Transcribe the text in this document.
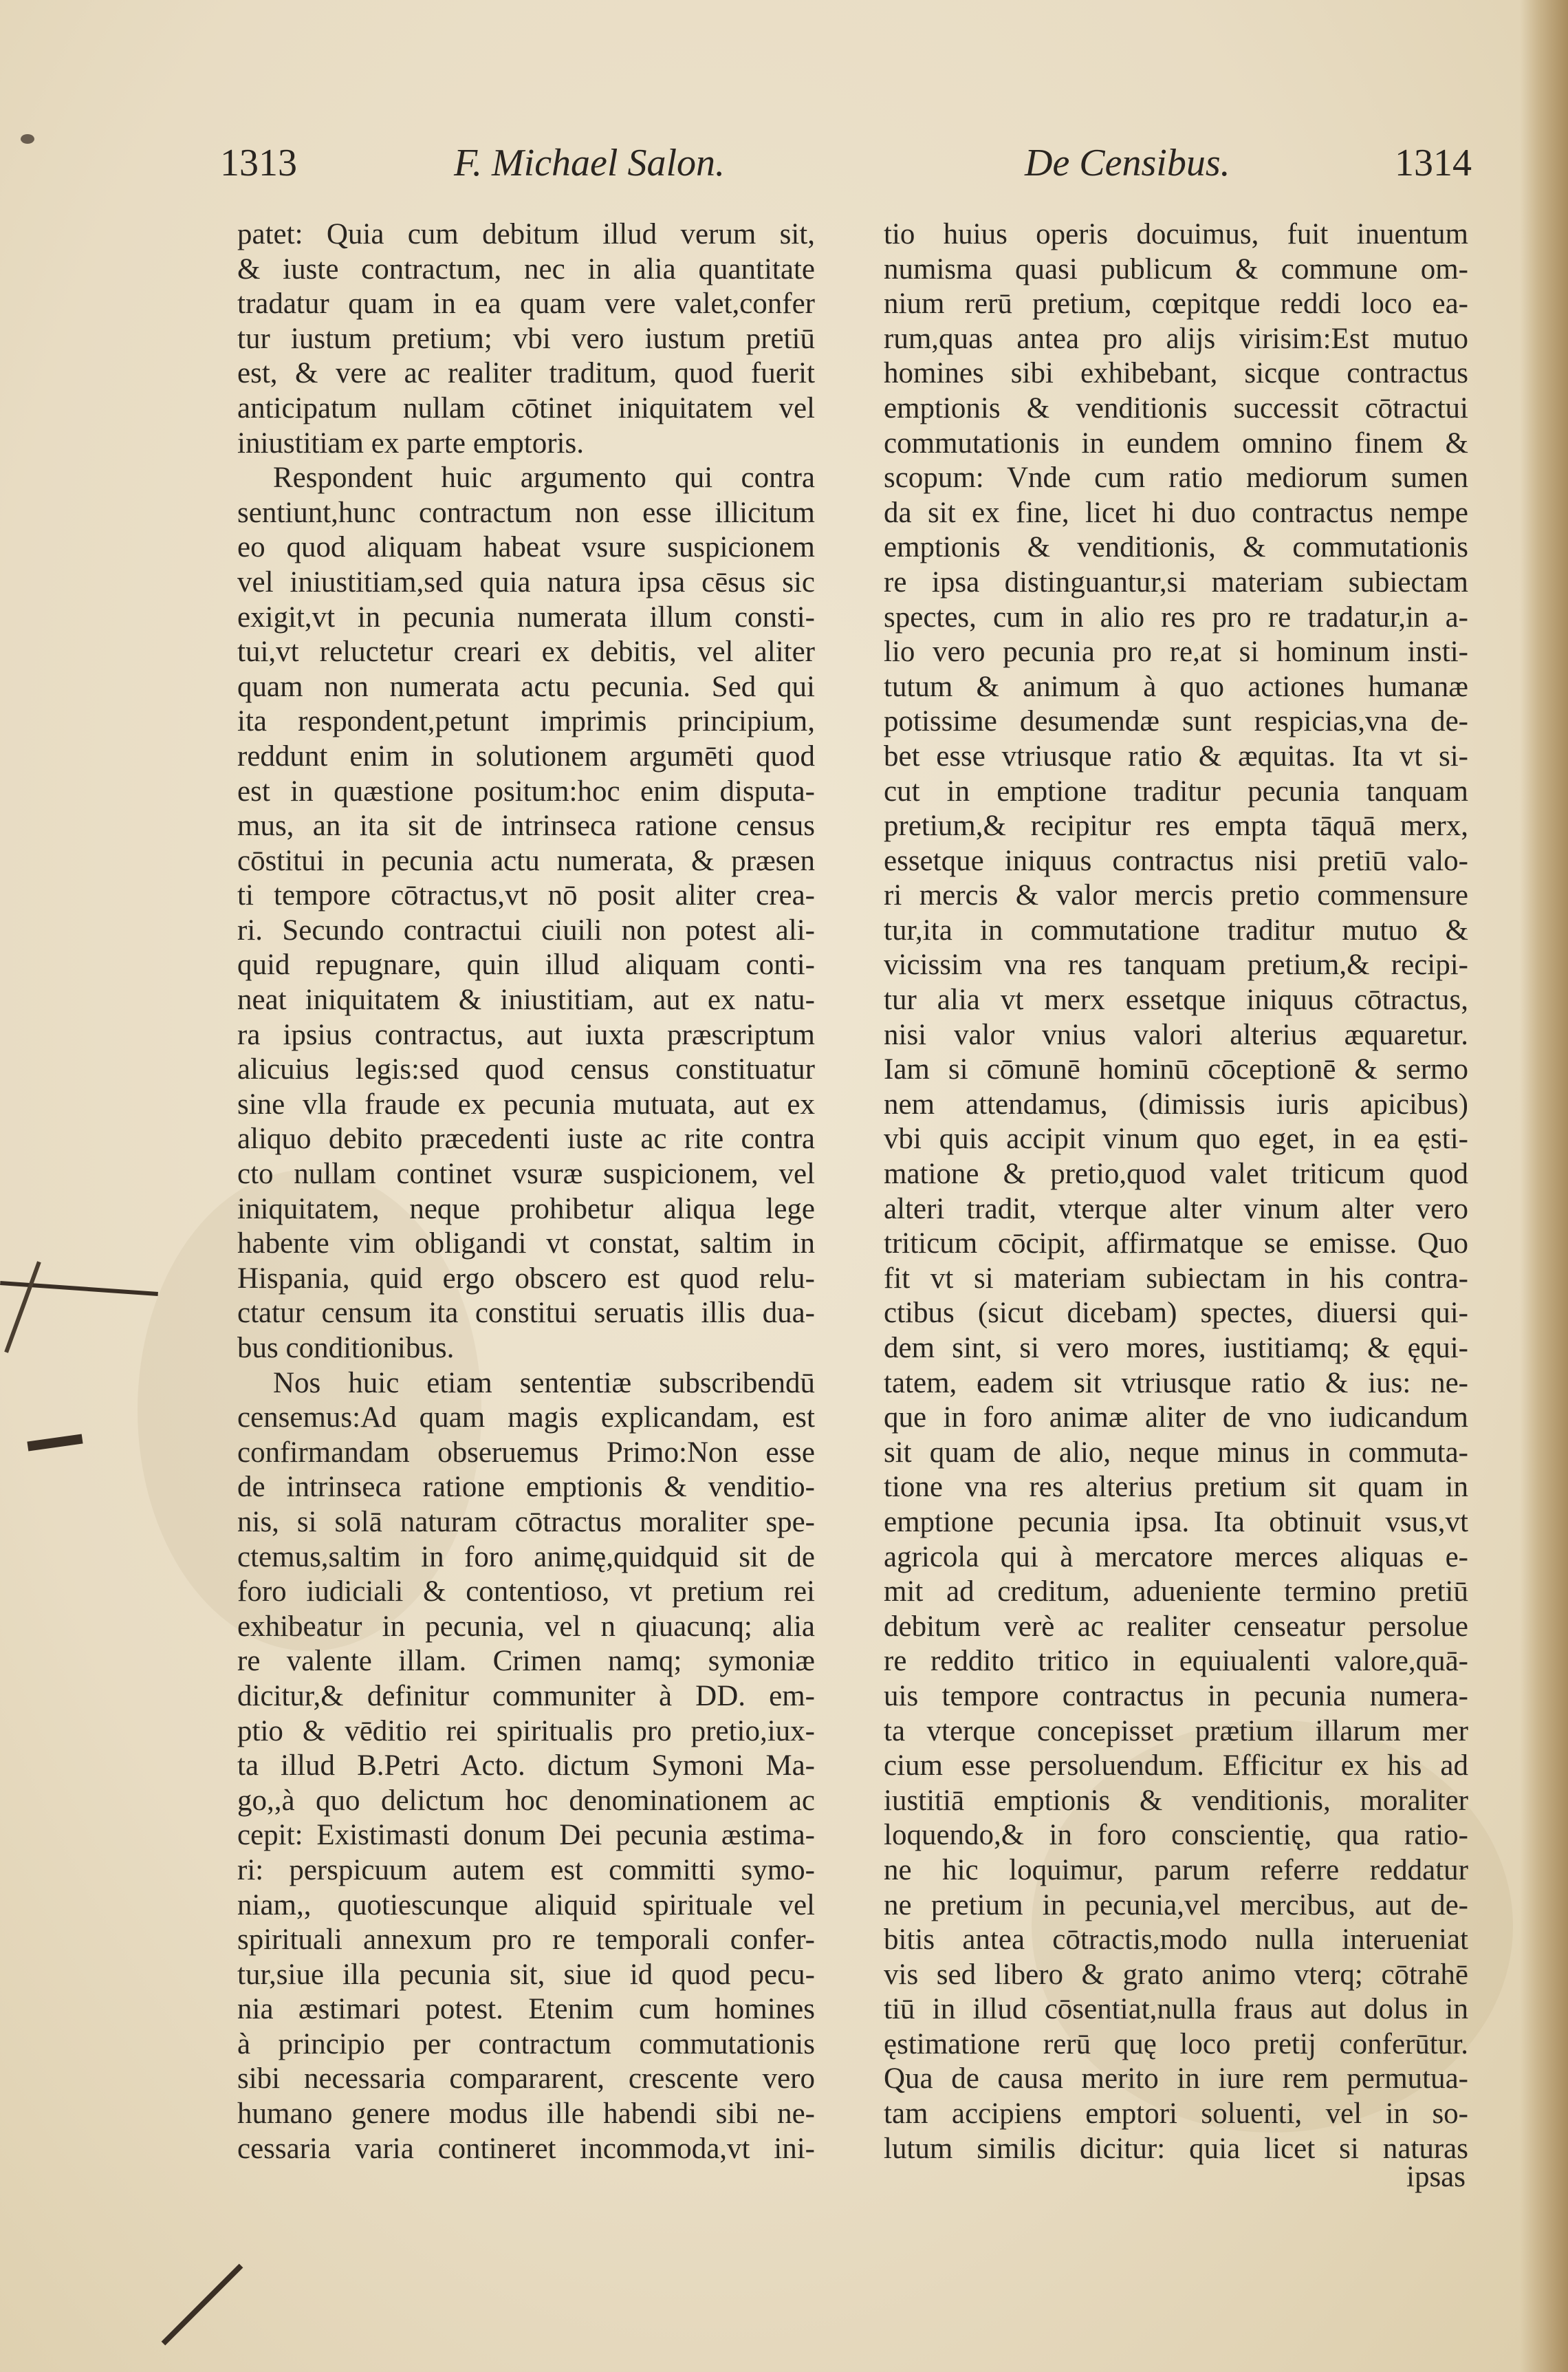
1313	F. Michael Salon.	De Censibus.	1314
patet: Quia cum debitum illud verum sit,
& iuste contractum, nec in alia quantitate
tradatur quam in ea quam vere valet,confer
tur iustum pretium; vbi vero iustum pretiū
est, & vere ac realiter traditum, quod fuerit
anticipatum nullam cōtinet iniquitatem vel
iniustitiam ex parte emptoris.
Respondent huic argumento qui contra
sentiunt,hunc contractum non esse illicitum
eo quod aliquam habeat vsure suspicionem
vel iniustitiam,sed quia natura ipsa cēsus sic
exigit,vt in pecunia numerata illum consti-
tui,vt reluctetur creari ex debitis, vel aliter
quam non numerata actu pecunia. Sed qui
ita respondent,petunt imprimis principium,
reddunt enim in solutionem argumēti quod
est in quæstione positum:hoc enim disputa-
mus, an ita sit de intrinseca ratione census
cōstitui in pecunia actu numerata, & præsen
ti tempore cōtractus,vt nō posit aliter crea-
ri. Secundo contractui ciuili non potest ali-
quid repugnare, quin illud aliquam conti-
neat iniquitatem & iniustitiam, aut ex natu-
ra ipsius contractus, aut iuxta præscriptum
alicuius legis:sed quod census constituatur
sine vlla fraude ex pecunia mutuata, aut ex
aliquo debito præcedenti iuste ac rite contra
cto nullam continet vsuræ suspicionem, vel
iniquitatem, neque prohibetur aliqua lege
habente vim obligandi vt constat, saltim in
Hispania, quid ergo obscero est quod relu-
ctatur censum ita constitui seruatis illis dua-
bus conditionibus.
Nos huic etiam sententiæ subscribendū
censemus:Ad quam magis explicandam, est
confirmandam obseruemus Primo:Non esse
de intrinseca ratione emptionis & venditio-
nis, si solā naturam cōtractus moraliter spe-
ctemus,saltim in foro animę,quidquid sit de
foro iudiciali & contentioso, vt pretium rei
exhibeatur in pecunia, vel n qiuacunq; alia
re valente illam. Crimen namq; symoniæ
dicitur,& definitur communiter à DD. em-
ptio & vēditio rei spiritualis pro pretio,iux-
ta illud B.Petri Acto. dictum Symoni Ma-
go,,à quo delictum hoc denominationem ac
cepit: Existimasti donum Dei pecunia æstima-
ri: perspicuum autem est committi symo-
niam,, quotiescunque aliquid spirituale vel
spirituali annexum pro re temporali confer-
tur,siue illa pecunia sit, siue id quod pecu-
nia æstimari potest. Etenim cum homines
à principio per contractum commutationis
sibi necessaria compararent, crescente vero
humano genere modus ille habendi sibi ne-
cessaria varia contineret incommoda,vt ini-
tio huius operis docuimus, fuit inuentum
numisma quasi publicum & commune om-
nium rerū pretium, cœpitque reddi loco ea-
rum,quas antea pro alijs virisim:Est mutuo
homines sibi exhibebant, sicque contractus
emptionis & venditionis successit cōtractui
commutationis in eundem omnino finem &
scopum: Vnde cum ratio mediorum sumen
da sit ex fine, licet hi duo contractus nempe
emptionis & venditionis, & commutationis
re ipsa distinguantur,si materiam subiectam
spectes, cum in alio res pro re tradatur,in a-
lio vero pecunia pro re,at si hominum insti-
tutum & animum à quo actiones humanæ
potissime desumendæ sunt respicias,vna de-
bet esse vtriusque ratio & æquitas. Ita vt si-
cut in emptione traditur pecunia tanquam
pretium,& recipitur res empta tāquā merx,
essetque iniquus contractus nisi pretiū valo-
ri mercis & valor mercis pretio commensure
tur,ita in commutatione traditur mutuo &
vicissim vna res tanquam pretium,& recipi-
tur alia vt merx essetque iniquus cōtractus,
nisi valor vnius valori alterius æquaretur.
Iam si cōmunē hominū cōceptionē & sermo
nem attendamus, (dimissis iuris apicibus)
vbi quis accipit vinum quo eget, in ea ęsti-
matione & pretio,quod valet triticum quod
alteri tradit, vterque alter vinum alter vero
triticum cōcipit, affirmatque se emisse. Quo
fit vt si materiam subiectam in his contra-
ctibus (sicut dicebam) spectes, diuersi qui-
dem sint, si vero mores, iustitiamq; & ęqui-
tatem, eadem sit vtriusque ratio & ius: ne-
que in foro animæ aliter de vno iudicandum
sit quam de alio, neque minus in commuta-
tione vna res alterius pretium sit quam in
emptione pecunia ipsa. Ita obtinuit vsus,vt
agricola qui à mercatore merces aliquas e-
mit ad creditum, adueniente termino pretiū
debitum verè ac realiter censeatur persolue
re reddito tritico in equiualenti valore,quā-
uis tempore contractus in pecunia numera-
ta vterque concepisset prætium illarum mer
cium esse persoluendum. Efficitur ex his ad
iustitiā emptionis & venditionis, moraliter
loquendo,& in foro conscientię, qua ratio-
ne hic loquimur, parum referre reddatur
ne pretium in pecunia,vel mercibus, aut de-
bitis antea cōtractis,modo nulla interueniat
vis sed libero & grato animo vterq; cōtrahē
tiū in illud cōsentiat,nulla fraus aut dolus in
ęstimatione rerū quę loco pretij conferūtur.
Qua de causa merito in iure rem permutua-
tam accipiens emptori soluenti, vel in so-
lutum similis dicitur: quia licet si naturas
ipsas
